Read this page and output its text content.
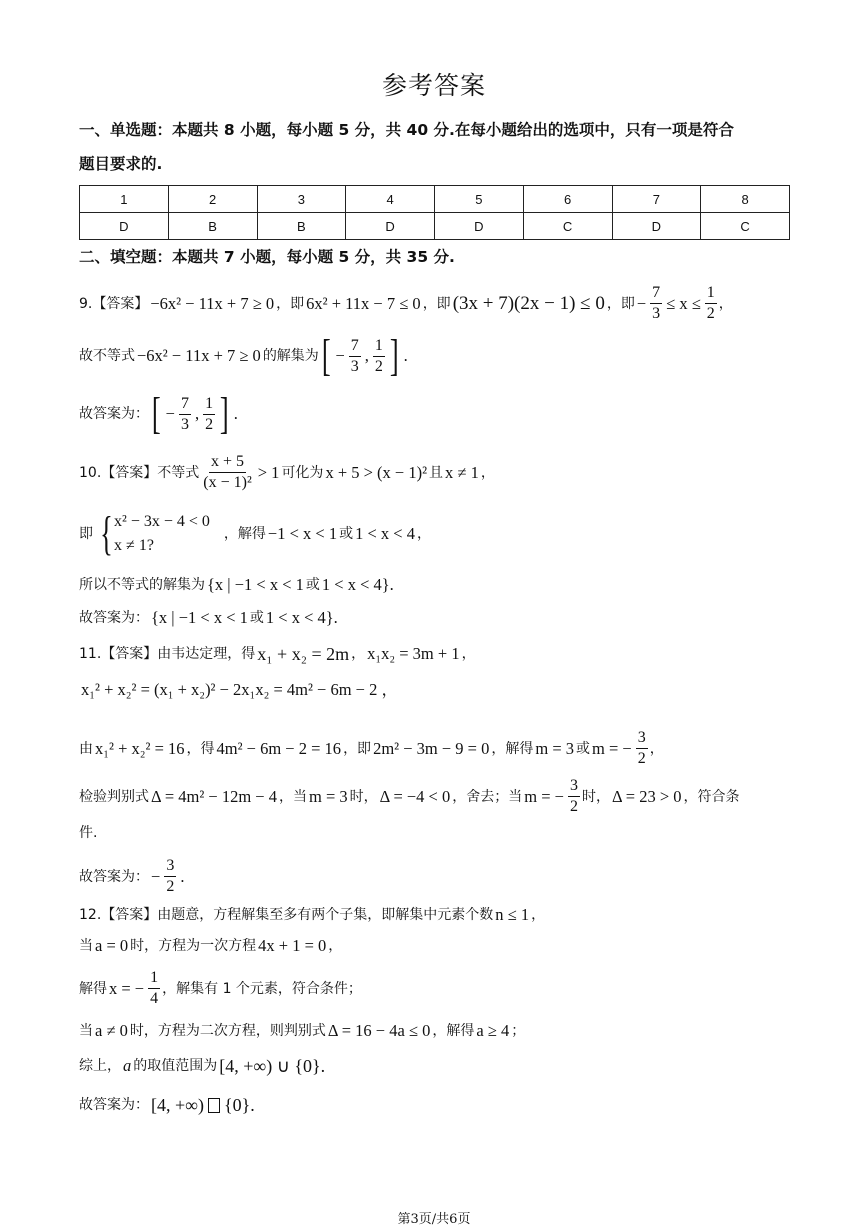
参考答案
一、单选题：本题共 8 小题，每小题 5 分，共 40 分.在每小题给出的选项中，只有一项是符合
题目要求的.
1	2	3	4	5	6	7	8
D	B	B	D	D	C	D	C
二、填空题：本题共 7 小题，每小题 5 分，共 35 分.
9.【答案】 −6x² − 11x + 7 ≥ 0 ，即 6x² + 11x − 7 ≤ 0 ，即 (3x + 7)(2x − 1) ≤ 0 ，即 − $\frac{7}{3} \le x \le \frac{1}{2}$ ，
故不等式 −6x² − 11x + 7 ≥ 0 的解集为 [ − $\frac{7}{3}$ , $\frac{1}{2}$ ] .
故答案为： [ − $\frac{7}{3}$ , $\frac{1}{2}$ ] .
10.【答案】不等式 $\frac{x + 5}{\text{(x − 1)²}} > 1$ 可化为 x + 5 > (x − 1)² 且 x ≠ 1 ，
即 { x² − 3x − 4 < 0
x ≠ 1?
，解得 −1 < x < 1 或 1 < x < 4 ，
所以不等式的解集为 {x | −1 < x < 1 或 1 < x < 4}.
故答案为： {x | −1 < x < 1 或 1 < x < 4}.
11.【答案】由韦达定理，得 x₁ + x₂ = 2m ， x₁x₂ = 3m + 1 ，
x₁² + x₂² = (x₁ + x₂)² − 2x₁x₂ = 4m² − 6m − 2 ，
由 x₁² + x₂² = 16 ，得 4m² − 6m − 2 = 16 ，即 2m² − 3m − 9 = 0 ，解得 m = 3 或 m = − $\frac{3}{2}$ ，
检验判别式 Δ = 4m² − 12m − 4 ，当 m = 3 时， Δ = −4 < 0 ，舍去；当 m = − $\frac{3}{2}$ 时， Δ = 23 > 0 ，符合条
件.
故答案为： − $\frac{3}{2}$ .
12.【答案】由题意，方程解集至多有两个子集，即解集中元素个数 n ≤ 1 ，
当 a = 0 时，方程为一次方程 4x + 1 = 0 ，
解得 x = − $\frac{1}{4}$ ，解集有 1 个元素，符合条件；
当 a ≠ 0 时，方程为二次方程，则判别式 Δ = 16 − 4a ≤ 0 ，解得 a ≥ 4 ；
综上， a 的取值范围为 [4, +∞) ∪ {0}.
故答案为： [4, +∞) {0}.
第3页/共6页
